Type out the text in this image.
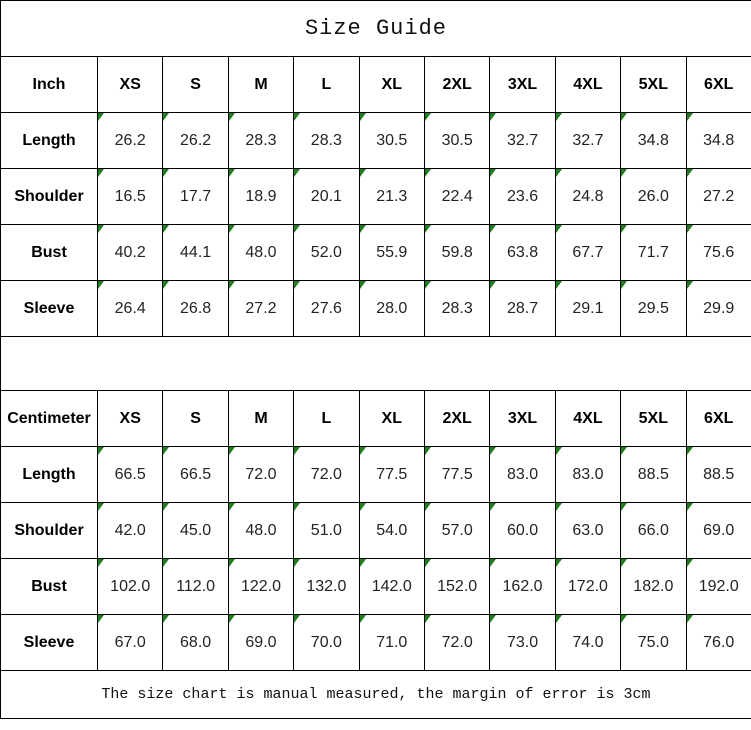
Size Guide										
Inch	XS	S	M	L	XL	2XL	3XL	4XL	5XL	6XL
Length	26.2	26.2	28.3	28.3	30.5	30.5	32.7	32.7	34.8	34.8
Shoulder	16.5	17.7	18.9	20.1	21.3	22.4	23.6	24.8	26.0	27.2
Bust	40.2	44.1	48.0	52.0	55.9	59.8	63.8	67.7	71.7	75.6
Sleeve	26.4	26.8	27.2	27.6	28.0	28.3	28.7	29.1	29.5	29.9

Centimeter	XS	S	M	L	XL	2XL	3XL	4XL	5XL	6XL
Length	66.5	66.5	72.0	72.0	77.5	77.5	83.0	83.0	88.5	88.5
Shoulder	42.0	45.0	48.0	51.0	54.0	57.0	60.0	63.0	66.0	69.0
Bust	102.0	112.0	122.0	132.0	142.0	152.0	162.0	172.0	182.0	192.0
Sleeve	67.0	68.0	69.0	70.0	71.0	72.0	73.0	74.0	75.0	76.0
The size chart is manual measured, the margin of error is 3cm										
